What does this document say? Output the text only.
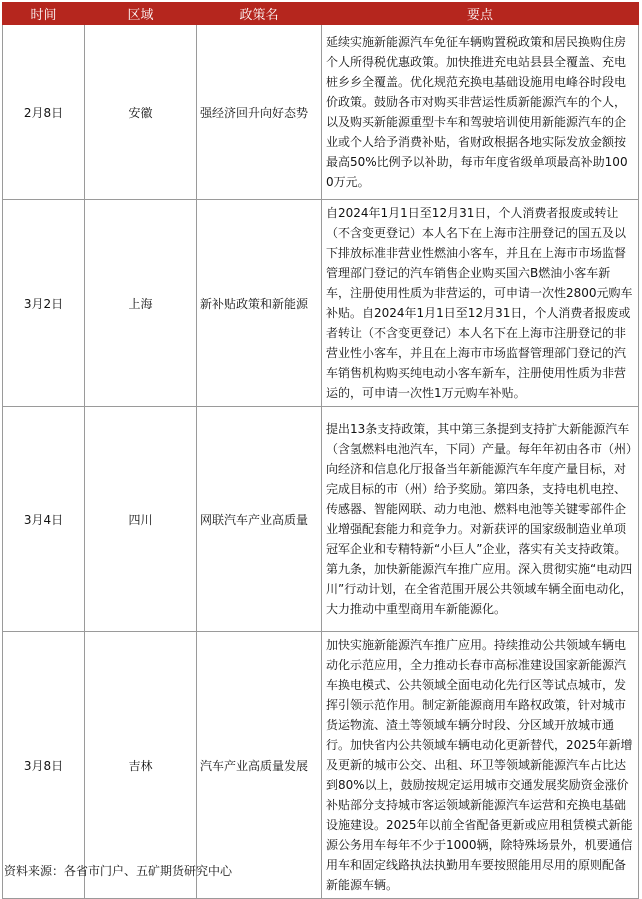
时间	区域	政策名	要点
2月8日	安徽	强经济回升向好态势	延续实施新能源汽车免征车辆购置税政策和居民换购住房个人所得税优惠政策。加快推进充电站县县全覆盖、充电桩乡乡全覆盖。优化规范充换电基础设施用电峰谷时段电价政策。鼓励各市对购买非营运性质新能源汽车的个人，以及购买新能源重型卡车和驾驶培训使用新能源汽车的企业或个人给予消费补贴，省财政根据各地实际发放金额按最高50%比例予以补助，每市年度省级单项最高补助1000万元。
3月2日	上海	新补贴政策和新能源	自2024年1月1日至12月31日，个人消费者报废或转让（不含变更登记）本人名下在上海市注册登记的国五及以下排放标准非营业性燃油小客车，并且在上海市市场监督管理部门登记的汽车销售企业购买国六B燃油小客车新车，注册使用性质为非营运的，可申请一次性2800元购车补贴。自2024年1月1日至12月31日，个人消费者报废或者转让（不含变更登记）本人名下在上海市注册登记的非营业性小客车，并且在上海市市场监督管理部门登记的汽车销售机构购买纯电动小客车新车，注册使用性质为非营运的，可申请一次性1万元购车补贴。
3月4日	四川	网联汽车产业高质量	提出13条支持政策，其中第三条提到支持扩大新能源汽车（含氢燃料电池汽车，下同）产量。每年年初由各市（州）向经济和信息化厅报备当年新能源汽车年度产量目标，对完成目标的市（州）给予奖励。第四条，支持电机电控、传感器、智能网联、动力电池、燃料电池等关键零部件企业增强配套能力和竞争力。对新获评的国家级制造业单项冠军企业和专精特新“小巨人”企业，落实有关支持政策。第九条，加快新能源汽车推广应用。深入贯彻实施“电动四川”行动计划，在全省范围开展公共领域车辆全面电动化，大力推动中重型商用车新能源化。
3月8日	吉林	汽车产业高质量发展	加快实施新能源汽车推广应用。持续推动公共领域车辆电动化示范应用，全力推动长春市高标准建设国家新能源汽车换电模式、公共领域全面电动化先行区等试点城市，发挥引领示范作用。制定新能源商用车路权政策，针对城市货运物流、渣土等领域车辆分时段、分区域开放城市通行。加快省内公共领域车辆电动化更新替代，2025年新增及更新的城市公交、出租、环卫等领域新能源汽车占比达到80%以上，鼓励按规定运用城市交通发展奖励资金涨价补贴部分支持城市客运领域新能源汽车运营和充换电基础设施建设。2025年以前全省配备更新或应用租赁模式新能源公务用车每年不少于1000辆，除特殊场景外，机要通信用车和固定线路执法执勤用车要按照能用尽用的原则配备新能源车辆。
资料来源：各省市门户、五矿期货研究中心
